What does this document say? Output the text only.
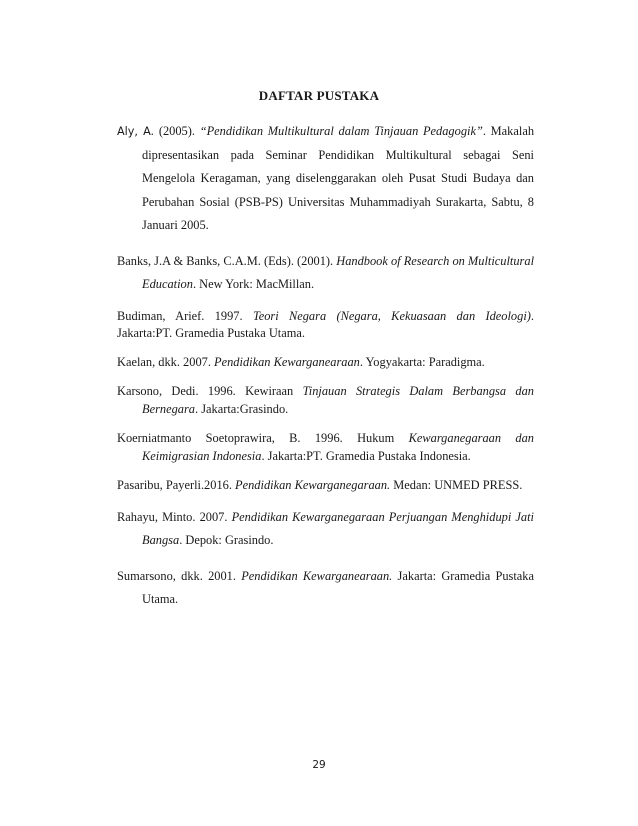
DAFTAR PUSTAKA

Aly, A. (2005). “Pendidikan Multikultural dalam Tinjauan Pedagogik”. Makalah dipresentasikan pada Seminar Pendidikan Multikultural sebagai Seni Mengelola Keragaman, yang diselenggarakan oleh Pusat Studi Budaya dan Perubahan Sosial (PSB-PS) Universitas Muhammadiyah Surakarta, Sabtu, 8 Januari 2005.

Banks, J.A & Banks, C.A.M. (Eds). (2001). Handbook of Research on Multicultural Education. New York: MacMillan.

Budiman, Arief. 1997. Teori Negara (Negara, Kekuasaan dan Ideologi). Jakarta:PT. Gramedia Pustaka Utama.

Kaelan, dkk. 2007. Pendidikan Kewarganearaan. Yogyakarta: Paradigma.

Karsono, Dedi. 1996. Kewiraan Tinjauan Strategis Dalam Berbangsa dan Bernegara. Jakarta:Grasindo.

Koerniatmanto Soetoprawira, B. 1996. Hukum Kewarganegaraan dan Keimigrasian Indonesia. Jakarta:PT. Gramedia Pustaka Indonesia.

Pasaribu, Payerli.2016. Pendidikan Kewarganegaraan. Medan: UNMED PRESS.

Rahayu, Minto. 2007. Pendidikan Kewarganegaraan Perjuangan Menghidupi Jati Bangsa. Depok: Grasindo.

Sumarsono, dkk. 2001. Pendidikan Kewarganearaan. Jakarta: Gramedia Pustaka Utama.

29
